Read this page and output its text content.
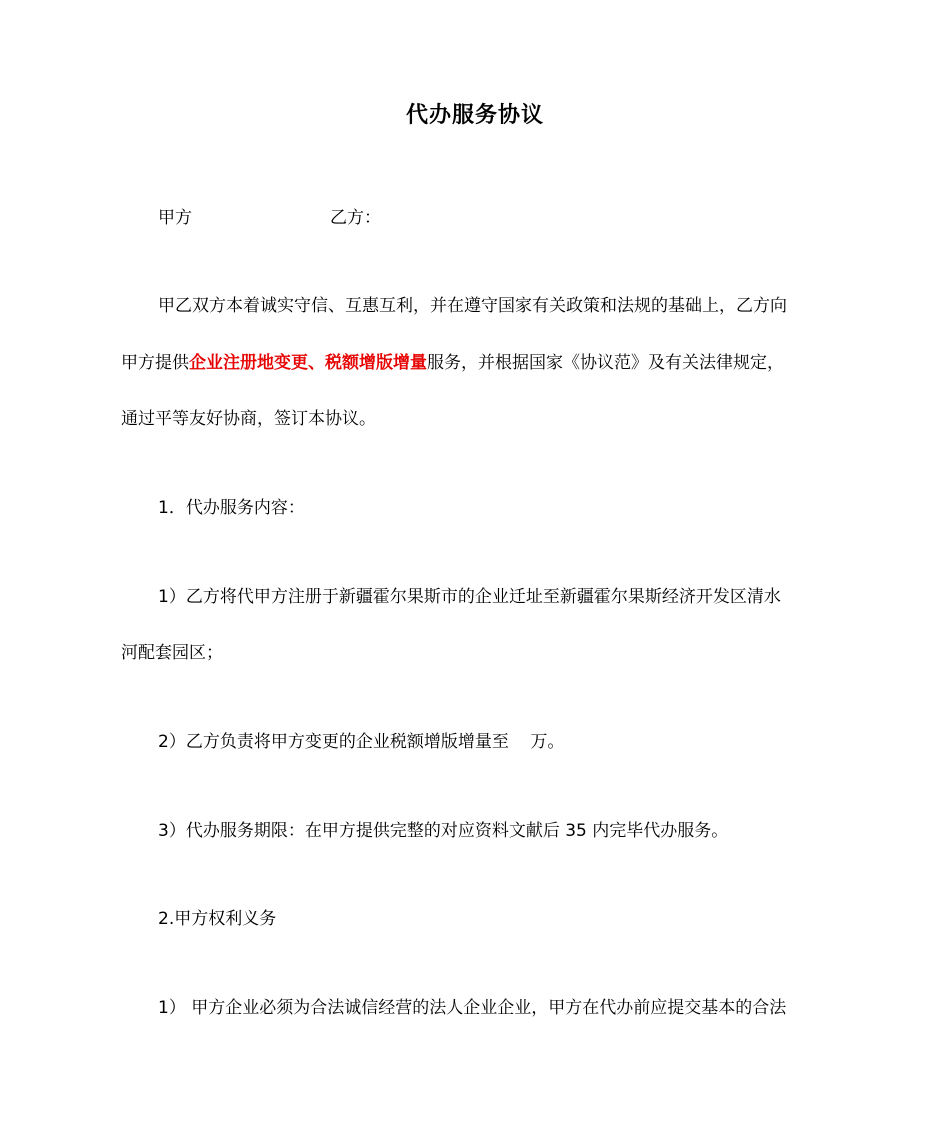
代办服务协议
甲方	乙方：
甲乙双方本着诚实守信、互惠互利，并在遵守国家有关政策和法规的基础上，乙方向
甲方提供企业注册地变更、税额增版增量服务，并根据国家《协议范》及有关法律规定，
通过平等友好协商，签订本协议。
1．代办服务内容：
1）乙方将代甲方注册于新疆霍尔果斯市的企业迁址至新疆霍尔果斯经济开发区清水
河配套园区；
2）乙方负责将甲方变更的企业税额增版增量至    万。
3）代办服务期限：在甲方提供完整的对应资料文献后 35 内完毕代办服务。
2.甲方权利义务
1） 甲方企业必须为合法诚信经营的法人企业企业，甲方在代办前应提交基本的合法
